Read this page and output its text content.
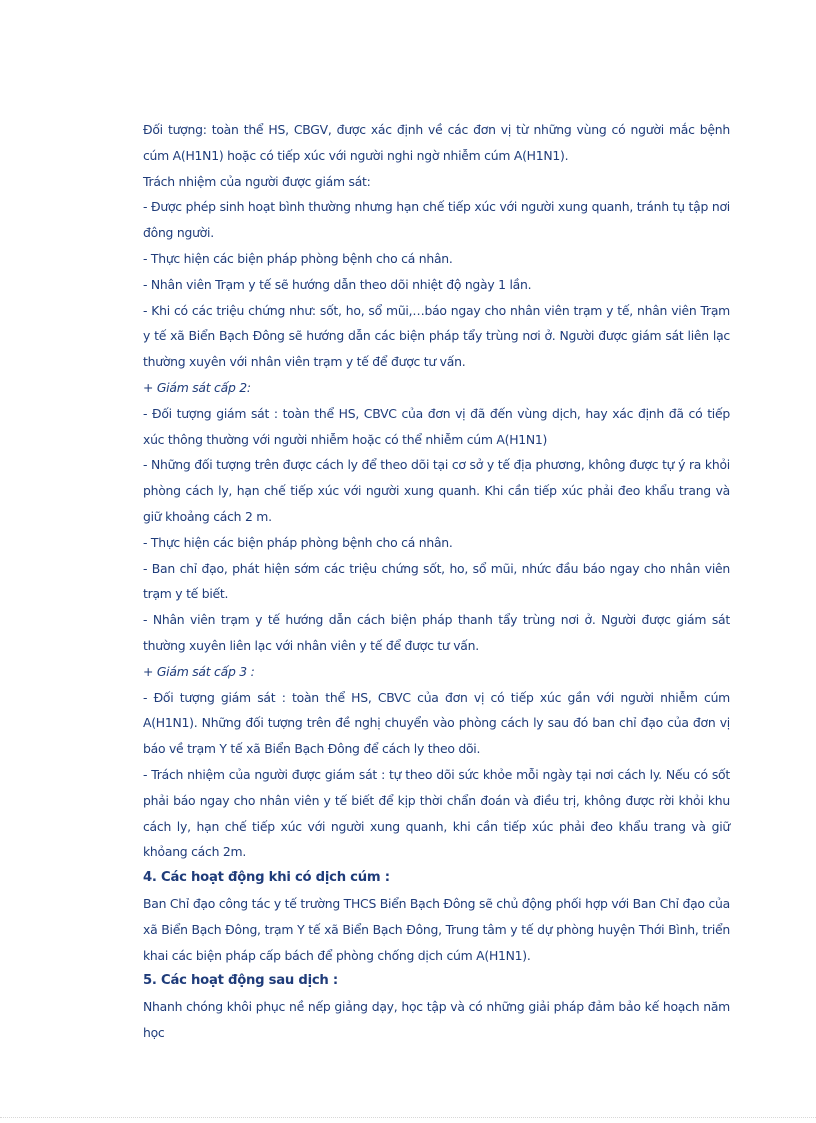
Đối tượng: toàn thể HS, CBGV, được xác định về các đơn vị từ những vùng có người mắc bệnh cúm A(H1N1) hoặc có tiếp xúc với người nghi ngờ nhiễm cúm A(H1N1).

Trách nhiệm của người được giám sát:

- Được phép sinh hoạt bình thường nhưng hạn chế tiếp xúc với người xung quanh, tránh tụ tập nơi đông người.

- Thực hiện các biện pháp phòng bệnh cho cá nhân.

- Nhân viên Trạm y tế sẽ hướng dẫn theo dõi nhiệt độ ngày 1 lần.

- Khi có các triệu chứng như: sốt, ho, sổ mũi,…báo ngay cho nhân viên trạm y tế, nhân viên Trạm y tế xã Biển Bạch Đông sẽ hướng dẫn các biện pháp tẩy trùng nơi ở. Người được giám sát liên lạc thường xuyên với nhân viên trạm y tế để được tư vấn.

+ Giám sát cấp 2:

- Đối tượng giám sát : toàn thể HS, CBVC của đơn vị đã đến vùng dịch, hay xác định đã có tiếp xúc thông thường với người nhiễm hoặc có thể nhiễm cúm A(H1N1)

- Những đối tượng trên được cách ly để theo dõi tại cơ sở y tế địa phương, không được tự ý ra khỏi phòng cách ly, hạn chế tiếp xúc với người xung quanh. Khi cần tiếp xúc phải đeo khẩu trang và giữ khoảng cách 2 m.

- Thực hiện các biện pháp phòng bệnh cho cá nhân.

- Ban chỉ đạo, phát hiện sớm các triệu chứng sốt, ho, sổ mũi, nhức đầu báo ngay cho nhân viên trạm y tế biết.

- Nhân viên trạm y tế hướng dẫn cách biện pháp thanh tẩy trùng nơi ở. Người được giám sát thường xuyên liên lạc với nhân viên y tế để được tư vấn.

+ Giám sát cấp 3 :

- Đối tượng giám sát : toàn thể HS, CBVC của đơn vị có tiếp xúc gần với người nhiễm cúm A(H1N1). Những đối tượng trên đề nghị chuyển vào phòng cách ly sau đó ban chỉ đạo của đơn vị báo về trạm Y tế xã Biển Bạch Đông để cách ly theo dõi.

- Trách nhiệm của người được giám sát : tự theo dõi sức khỏe mỗi ngày tại nơi cách ly. Nếu có sốt phải báo ngay cho nhân viên y tế biết để kịp thời chẩn đoán và điều trị, không được rời khỏi khu cách ly, hạn chế tiếp xúc với người xung quanh, khi cần tiếp xúc phải đeo khẩu trang và giữ khỏang cách 2m.

4. Các hoạt động khi có dịch cúm :

Ban Chỉ đạo công tác y tế trường THCS Biển Bạch Đông sẽ chủ động phối hợp với Ban Chỉ đạo của xã Biển Bạch Đông, trạm Y tế xã Biển Bạch Đông, Trung tâm y tế dự phòng huyện Thới Bình, triển khai các biện pháp cấp bách để phòng chống dịch cúm A(H1N1).

5. Các hoạt động sau dịch :

Nhanh chóng khôi phục nề nếp giảng dạy, học tập và có những giải pháp đảm bảo kế hoạch năm học
